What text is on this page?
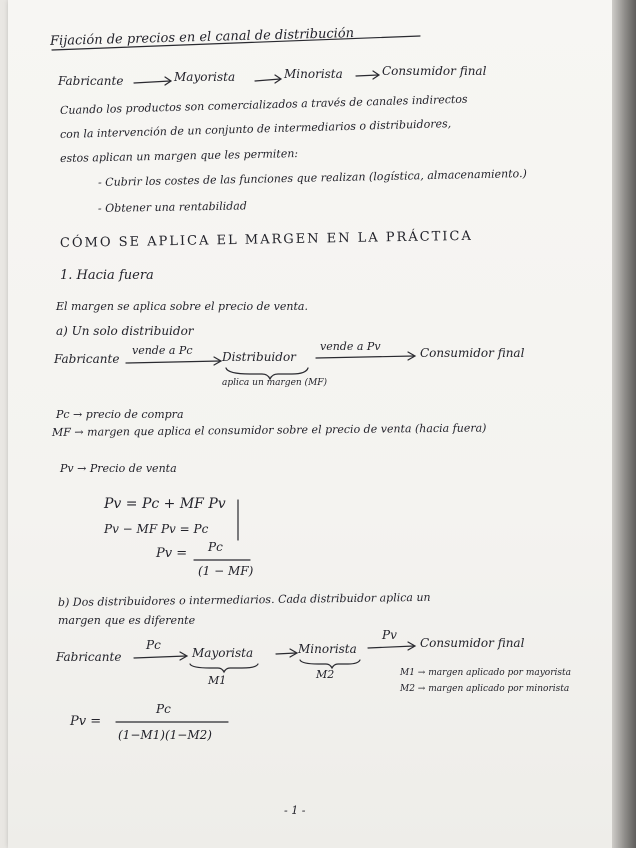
Fijación de precios en el canal de distribución
Fabricante	Mayorista	Minorista	Consumidor final
Cuando los productos son comercializados a través de canales indirectos
con la intervención de un conjunto de intermediarios o distribuidores,
estos aplican un margen que les permiten:
- Cubrir los costes de las funciones que realizan (logística, almacenamiento.)
- Obtener una rentabilidad
CÓMO SE APLICA EL MARGEN EN LA PRÁCTICA
1. Hacia fuera
El margen se aplica sobre el precio de venta.
a) Un solo distribuidor
Fabricante
vende a Pc Distribuidor
aplica un margen (MF)
vende a Pv	Consumidor final
Pc → precio de compra
MF → margen que aplica el consumidor sobre el precio de venta (hacia fuera)
Pv → Precio de venta
Pv = Pc + MF Pv
Pv − MF Pv = Pc
Pv = Pc
(1 − MF)
b) Dos distribuidores o intermediarios. Cada distribuidor aplica un
margen que es diferente
Fabricante
Pc
Mayorista
M1
Minorista
M2
Pv
Consumidor final
M1 → margen aplicado por mayorista
M2 → margen aplicado por minorista
Pv =
Pc
(1−M1)(1−M2)
- 1 -
